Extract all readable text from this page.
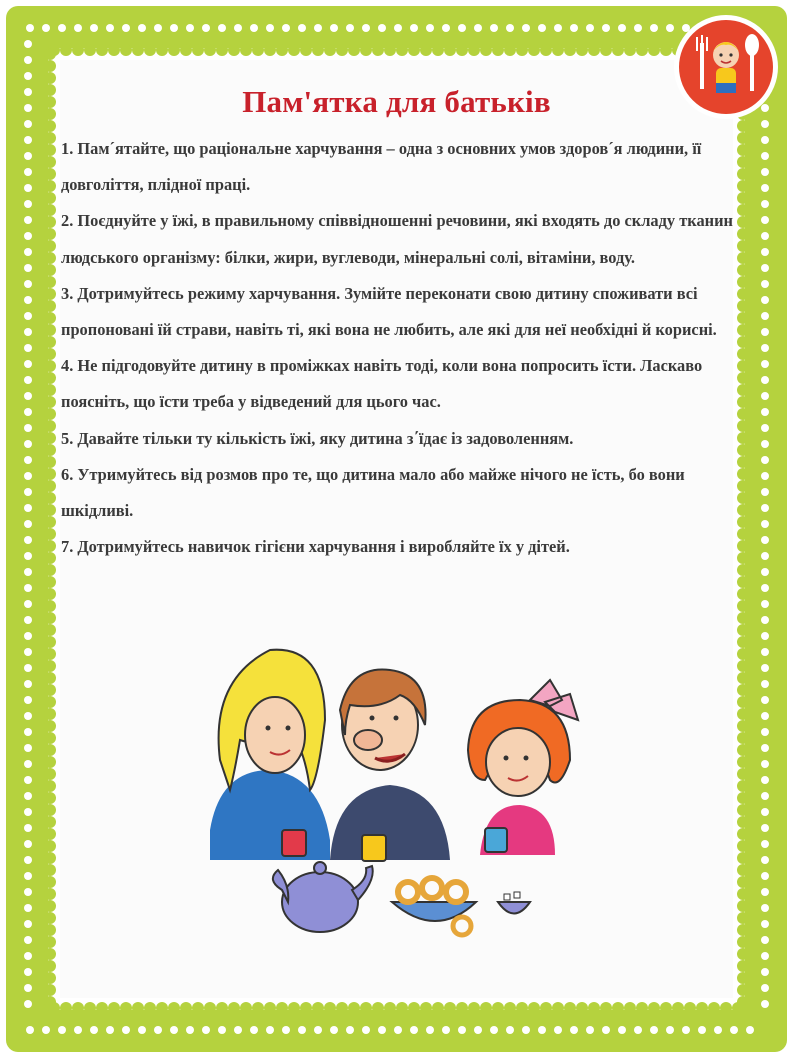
Пам'ятка для батьків

1. Пам´ятайте, що раціональне харчування – одна з основних умов здоров´я людини, її довголіття, плідної праці.

2. Поєднуйте у їжі, в правильному співвідношенні речовини, які входять до складу тканин людського організму: білки, жири, вуглеводи, мінеральні солі, вітаміни, воду.

3. Дотримуйтесь режиму харчування. Зумійте переконати свою дитину споживати всі пропоновані їй страви, навіть ті, які вона не любить, але які для неї необхідні й корисні.

4. Не підгодовуйте дитину в проміжках навіть тоді, коли вона попросить їсти. Ласкаво поясніть, що їсти треба у відведений для цього час.

5. Давайте тільки ту кількість їжі, яку дитина з΄їдає із задоволенням.

6. Утримуйтесь від розмов про те, що дитина мало або майже нічого не їсть, бо вони шкідливі.

7. Дотримуйтесь навичок гігієни харчування і виробляйте їх у дітей.
